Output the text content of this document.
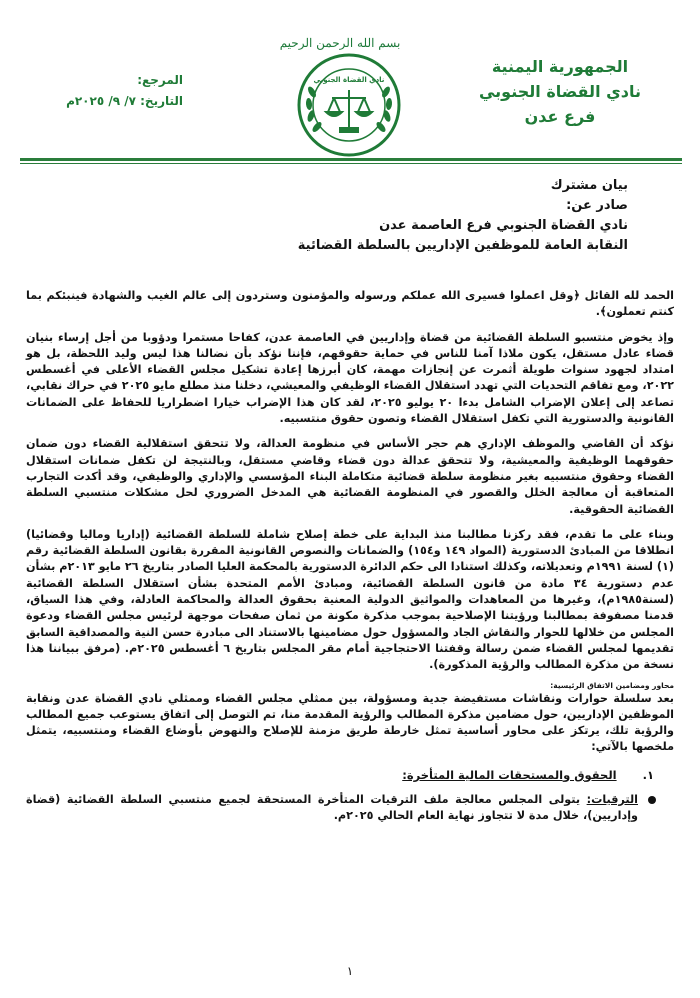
بسم الله الرحمن الرحيم
الجمهورية اليمنية
نادي القضاة الجنوبي
فرع عدن
نادي القضاة الجنوبي
المرجع:
التاريخ: ٧/ ٩/ ٢٠٢٥م
بيان مشترك
صادر عن:
نادي القضاة الجنوبي فرع العاصمة عدن
النقابة العامة للموظفين الإداريين بالسلطة القضائية

الحمد لله القائل ﴿وقل اعملوا فسيرى الله عملكم ورسوله والمؤمنون وستردون إلى عالم الغيب والشهادة فينبئكم بما كنتم تعملون﴾.

وإذ يخوض منتسبو السلطة القضائية من قضاة وإداريين في العاصمة عدن، كفاحا مستمرا ودؤوبا من أجل إرساء بنيان قضاء عادل مستقل، يكون ملاذا آمنا للناس في حماية حقوقهم، فإننا نؤكد بأن نضالنا هذا ليس وليد اللحظة، بل هو امتداد لجهود سنوات طويلة أثمرت عن إنجازات مهمة، كان أبرزها إعادة تشكيل مجلس القضاء الأعلى في أغسطس ٢٠٢٢، ومع تفاقم التحديات التي تهدد استقلال القضاء الوظيفي والمعيشي، دخلنا منذ مطلع مايو ٢٠٢٥ في حراك نقابي، تصاعد إلى إعلان الإضراب الشامل بدءا ٢٠ يوليو ٢٠٢٥، لقد كان هذا الإضراب خيارا اضطراريا للحفاظ على الضمانات القانونية والدستورية التي تكفل استقلال القضاء وتصون حقوق منتسبيه.

نؤكد أن القاضي والموظف الإداري هم حجر الأساس في منظومة العدالة، ولا تتحقق استقلالية القضاء دون ضمان حقوقهما الوظيفية والمعيشية، ولا تتحقق عدالة دون قضاء وقاضي مستقل، وبالنتيجة لن تكفل ضمانات استقلال القضاء وحقوق منتسبيه بغير منظومة سلطة قضائية متكاملة البناء المؤسسي والإداري والوظيفي، وقد أكدت التجارب المتعاقبة أن معالجة الخلل والقصور في المنظومة القضائية هي المدخل الضروري لحل مشكلات منتسبي السلطة القضائية الحقوقية.

وبناء على ما تقدم، فقد ركزنا مطالبنا منذ البداية على خطة إصلاح شاملة للسلطة القضائية (إداريا وماليا وقضائيا) انطلاقا من المبادئ الدستورية (المواد ١٤٩ و١٥٤) والضمانات والنصوص القانونية المقررة بقانون السلطة القضائية رقم (١) لسنة ١٩٩١م وتعديلاته، وكذلك استنادا الى حكم الدائرة الدستورية بالمحكمة العليا الصادر بتاريخ ٢٦ مايو ٢٠١٣م بشأن عدم دستورية ٣٤ مادة من قانون السلطة القضائية، ومبادئ الأمم المتحدة بشأن استقلال السلطة القضائية (لسنة١٩٨٥م)، وغيرها من المعاهدات والمواثيق الدولية المعنية بحقوق العدالة والمحاكمة العادلة، وفي هذا السياق، قدمنا مصفوفة بمطالبنا ورؤيتنا الإصلاحية بموجب مذكرة مكونة من ثمان صفحات موجهة لرئيس مجلس القضاء ودعوة المجلس من خلالها للحوار والنقاش الجاد والمسؤول حول مضامينها بالاستناد الى مبادرة حسن النية والمصداقية السابق تقديمها لمجلس القضاء ضمن رسالة وقفتنا الاحتجاجية أمام مقر المجلس بتاريخ ٦ أغسطس ٢٠٢٥م. (مرفق ببياننا هذا نسخة من مذكرة المطالب والرؤية المذكورة).

محاور ومضامين الاتفاق الرئيسية:

بعد سلسلة حوارات ونقاشات مستفيضة جدية ومسؤولة، بين ممثلي مجلس القضاء وممثلي نادي القضاة عدن ونقابة الموظفين الإداريين، حول مضامين مذكرة المطالب والرؤية المقدمة منا، تم التوصل إلى اتفاق يستوعب جميع المطالب والرؤية تلك، يرتكز على محاور أساسية تمثل خارطة طريق مزمنة للإصلاح والنهوض بأوضاع القضاء ومنتسبيه، يتمثل ملخصها بالآتي:

١.
الحقوق والمستحقات المالية المتأخرة:

الترقيات: يتولى المجلس معالجة ملف الترقيات المتأخرة المستحقة لجميع منتسبي السلطة القضائية (قضاة وإداريين)، خلال مدة لا تتجاوز نهاية العام الحالي ٢٠٢٥م.

١
